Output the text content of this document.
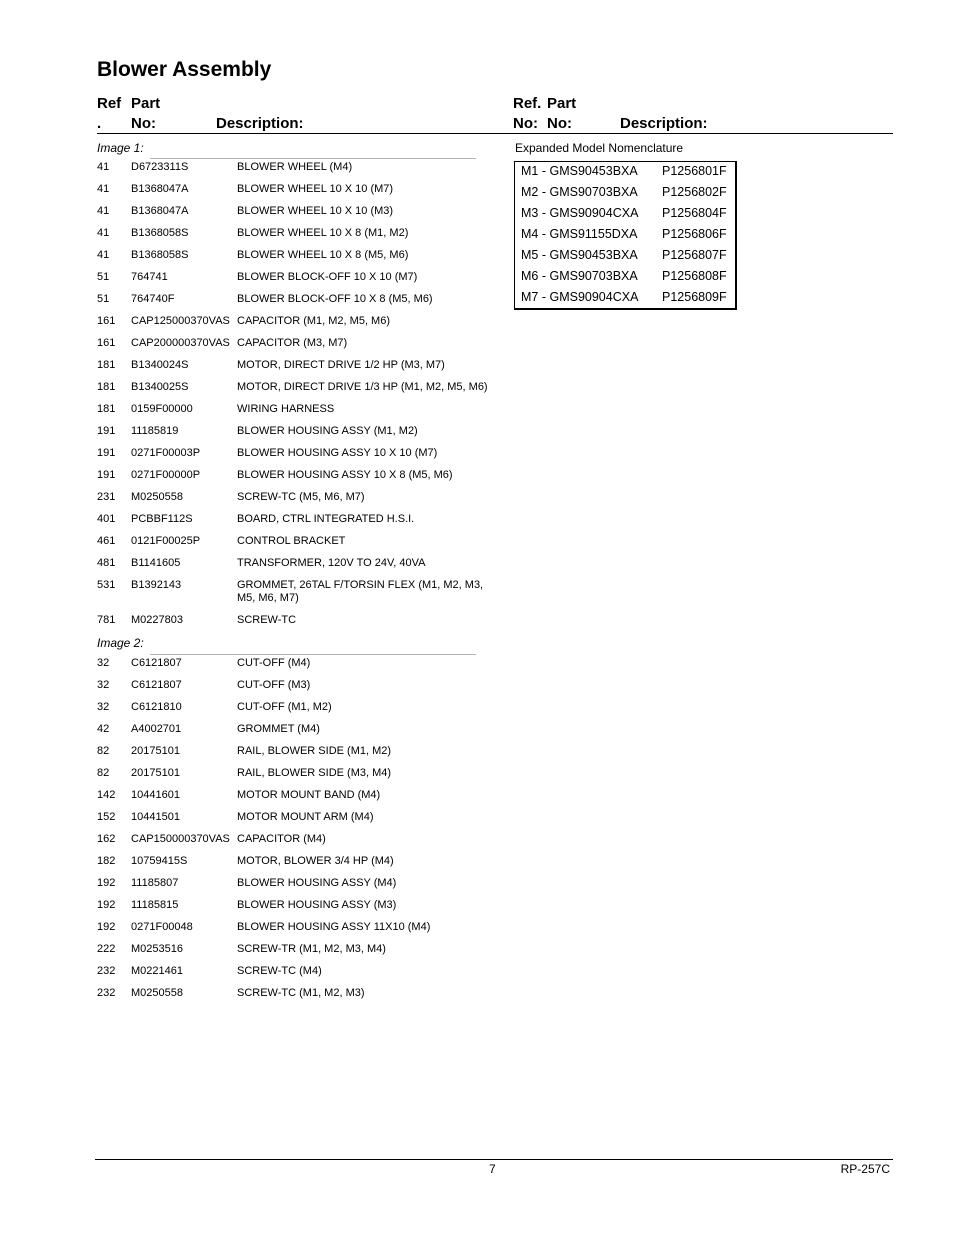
Blower Assembly
Ref
.
Part
No:	Description:
Ref.
No:
Part
No:	Description:
Image 1:
41 D6723311S	BLOWER WHEEL (M4)
41 B1368047A	BLOWER WHEEL 10 X 10 (M7)
41 B1368047A	BLOWER WHEEL 10 X 10 (M3)
41 B1368058S	BLOWER WHEEL 10 X 8 (M1, M2)
41 B1368058S	BLOWER WHEEL 10 X 8 (M5, M6)
51 764741	BLOWER BLOCK-OFF 10 X 10 (M7)
51 764740F	BLOWER BLOCK-OFF 10 X 8 (M5, M6)
161 CAP125000370VAS CAPACITOR (M1, M2, M5, M6)
161 CAP200000370VAS CAPACITOR (M3, M7)
181 B1340024S	MOTOR, DIRECT DRIVE 1/2 HP (M3, M7)
181 B1340025S	MOTOR, DIRECT DRIVE 1/3 HP (M1, M2, M5, M6)
181 0159F00000	WIRING HARNESS
191 11185819	BLOWER HOUSING ASSY (M1, M2)
191 0271F00003P	BLOWER HOUSING ASSY 10 X 10 (M7)
191 0271F00000P	BLOWER HOUSING ASSY 10 X 8 (M5, M6)
231 M0250558	SCREW-TC (M5, M6, M7)
401 PCBBF112S	BOARD, CTRL INTEGRATED H.S.I.
461 0121F00025P	CONTROL BRACKET
481 B1141605	TRANSFORMER, 120V TO 24V, 40VA
531 B1392143	GROMMET, 26TAL F/TORSIN FLEX (M1, M2, M3, M5, M6, M7)
781 M0227803	SCREW-TC
Image 2:
32 C6121807	CUT-OFF (M4)
32 C6121807	CUT-OFF (M3)
32 C6121810	CUT-OFF (M1, M2)
42 A4002701	GROMMET (M4)
82 20175101	RAIL, BLOWER SIDE (M1, M2)
82 20175101	RAIL, BLOWER SIDE (M3, M4)
142 10441601	MOTOR MOUNT BAND (M4)
152 10441501	MOTOR MOUNT ARM (M4)
162 CAP150000370VAS CAPACITOR (M4)
182 10759415S	MOTOR, BLOWER 3/4 HP (M4)
192 11185807	BLOWER HOUSING ASSY (M4)
192 11185815	BLOWER HOUSING ASSY (M3)
192 0271F00048	BLOWER HOUSING ASSY 11X10 (M4)
222 M0253516	SCREW-TR (M1, M2, M3, M4)
232 M0221461	SCREW-TC (M4)
232 M0250558	SCREW-TC (M1, M2, M3)
Expanded Model Nomenclature
M1 - GMS90453BXA P1256801F
M2 - GMS90703BXA P1256802F
M3 - GMS90904CXA P1256804F
M4 - GMS91155DXA P1256806F
M5 - GMS90453BXA P1256807F
M6 - GMS90703BXA P1256808F
M7 - GMS90904CXA P1256809F
7	RP-257C
